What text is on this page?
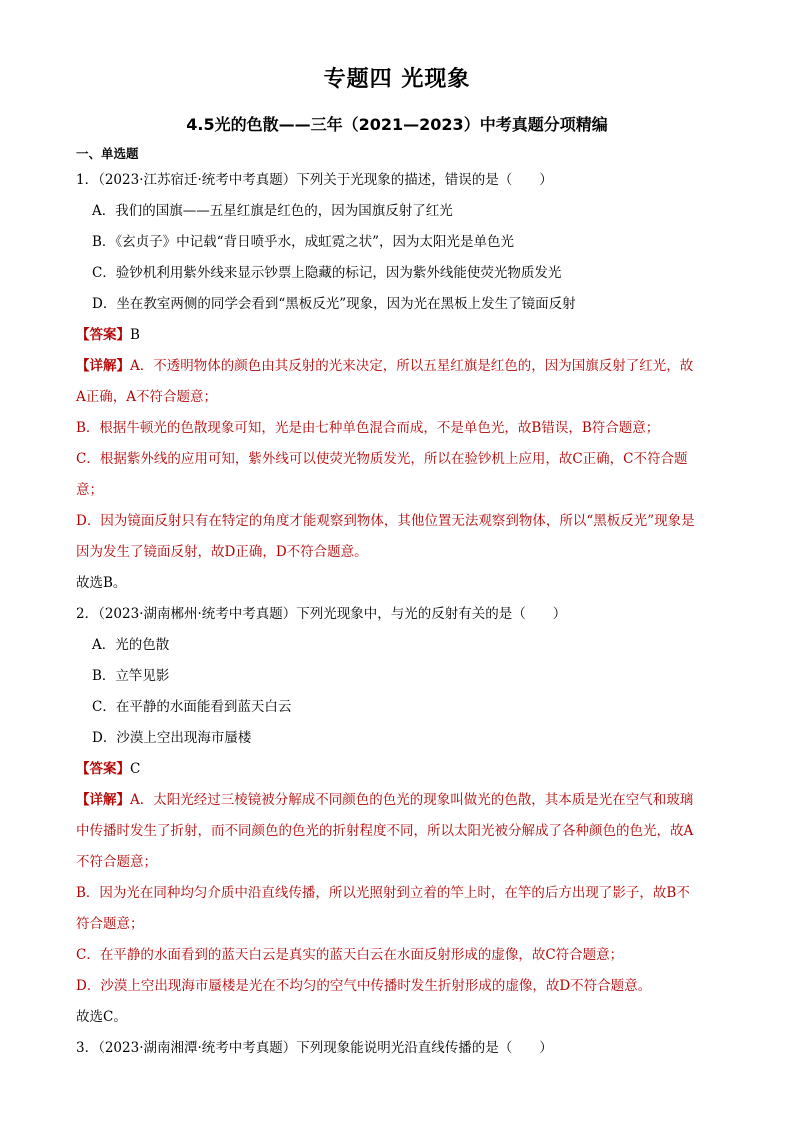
专题四 光现象
4.5光的色散——三年（2021—2023）中考真题分项精编
一、单选题
1．（2023·江苏宿迁·统考中考真题）下列关于光现象的描述，错误的是（　　）
A．我们的国旗——五星红旗是红色的，因为国旗反射了红光
B．《玄贞子》中记载“背日喷乎水，成虹霓之状”，因为太阳光是单色光
C．验钞机利用紫外线来显示钞票上隐藏的标记，因为紫外线能使荧光物质发光
D．坐在教室两侧的同学会看到“黑板反光”现象，因为光在黑板上发生了镜面反射
【答案】B
【详解】A．不透明物体的颜色由其反射的光来决定，所以五星红旗是红色的，因为国旗反射了红光，故
A正确，A不符合题意；
B．根据牛顿光的色散现象可知，光是由七种单色混合而成，不是单色光，故B错误，B符合题意；
C．根据紫外线的应用可知，紫外线可以使荧光物质发光，所以在验钞机上应用，故C正确，C不符合题
意；
D．因为镜面反射只有在特定的角度才能观察到物体，其他位置无法观察到物体，所以“黑板反光”现象是
因为发生了镜面反射，故D正确，D不符合题意。
故选B。
2．（2023·湖南郴州·统考中考真题）下列光现象中，与光的反射有关的是（　　）
A．光的色散
B．立竿见影
C．在平静的水面能看到蓝天白云
D．沙漠上空出现海市蜃楼
【答案】C
【详解】A．太阳光经过三棱镜被分解成不同颜色的色光的现象叫做光的色散，其本质是光在空气和玻璃
中传播时发生了折射，而不同颜色的色光的折射程度不同，所以太阳光被分解成了各种颜色的色光，故A
不符合题意；
B．因为光在同种均匀介质中沿直线传播，所以光照射到立着的竿上时，在竿的后方出现了影子，故B不
符合题意；
C．在平静的水面看到的蓝天白云是真实的蓝天白云在水面反射形成的虚像，故C符合题意；
D．沙漠上空出现海市蜃楼是光在不均匀的空气中传播时发生折射形成的虚像，故D不符合题意。
故选C。
3．（2023·湖南湘潭·统考中考真题）下列现象能说明光沿直线传播的是（　　）
